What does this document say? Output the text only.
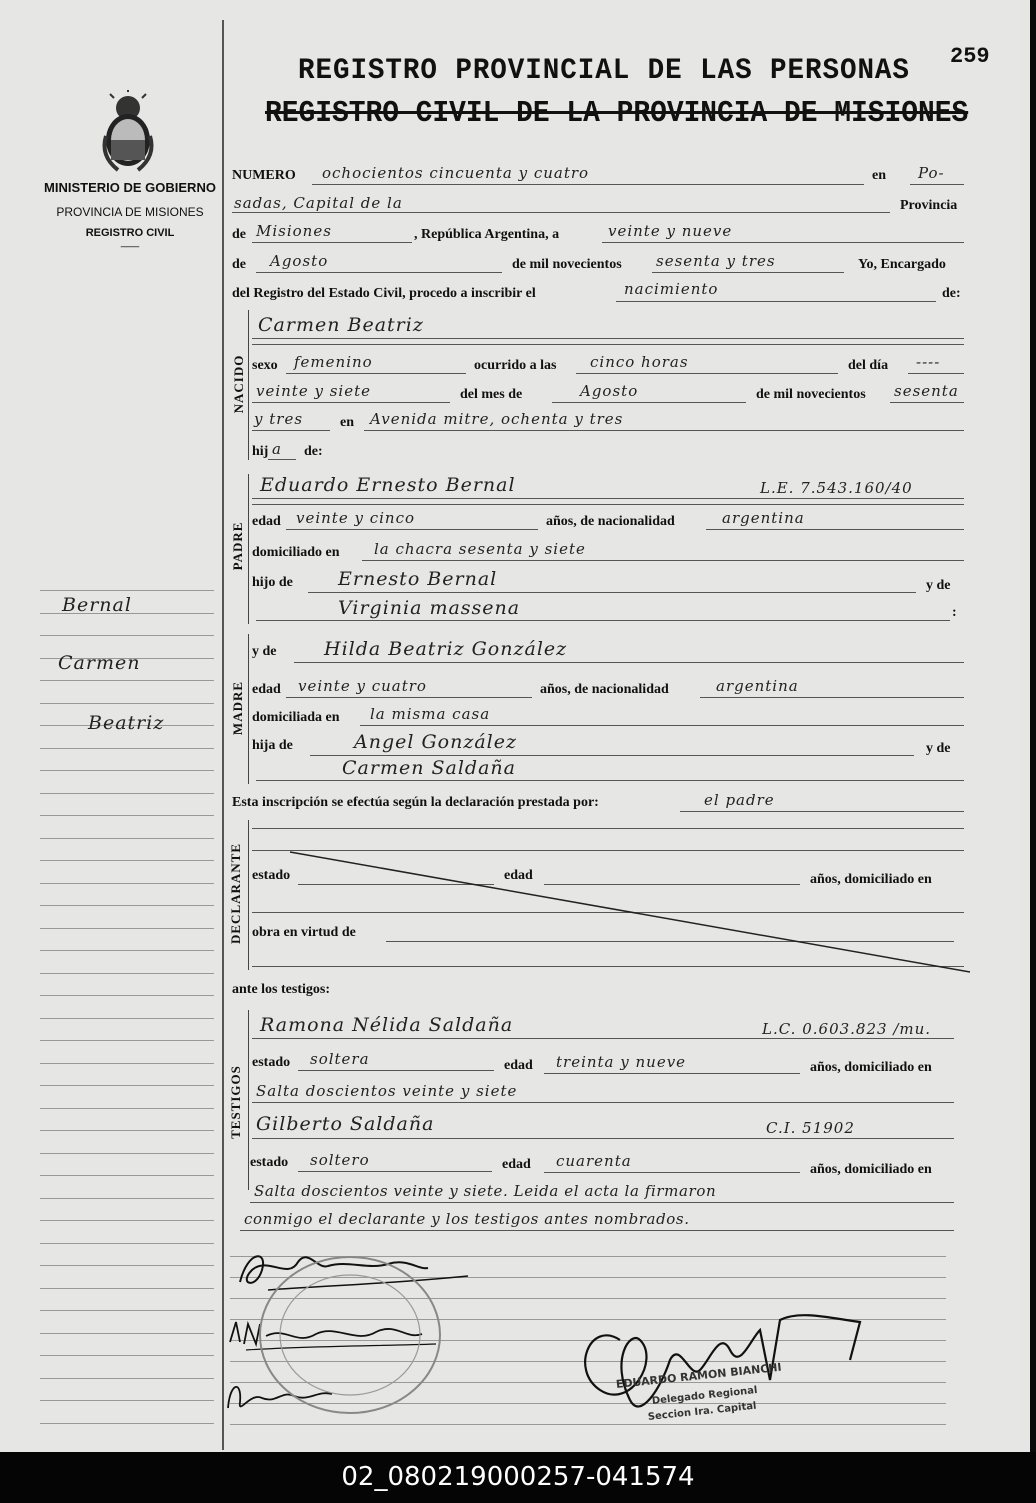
259
REGISTRO PROVINCIAL DE LAS PERSONAS
REGISTRO CIVIL DE LA PROVINCIA DE MISIONES
MINISTERIO DE GOBIERNO
PROVINCIA DE MISIONES
REGISTRO CIVIL
___
Bernal
Carmen
Beatriz
NUMERO ochocientos cincuenta y cuatro	en Po-
sadas, Capital de la	Provincia
de Misiones	, República Argentina, a	veinte y nueve
de Agosto	de mil novecientos sesenta y tres	Yo, Encargado
del Registro del Estado Civil, procedo a inscribir el	nacimiento	de:
NACIDO
Carmen Beatriz
sexo femenino	ocurrido a las cinco horas	del día ----
veinte y siete	del mes de	Agosto	de mil novecientos sesenta
y tres	en Avenida mitre, ochenta y tres
hij a de:
PADRE
Eduardo Ernesto Bernal	L.E. 7.543.160/40
edad veinte y cinco	años, de nacionalidad	argentina
domiciliado en la chacra sesenta y siete
hijo de Ernesto Bernal	y de
Virginia massena	:
MADRE
y de	Hilda Beatriz González
edad veinte y cuatro	años, de nacionalidad	argentina
domiciliada en la misma casa
hija de	Angel González	y de
Carmen Saldaña
Esta inscripción se efectúa según la declaración prestada por:	el padre
DECLARANTE estado	edad	años, domiciliado en
obra en virtud de
ante los testigos:
TESTIGOS
Ramona Nélida Saldaña	L.C. 0.603.823 /mu.
estado soltera	edad treinta y nueve	años, domiciliado en
Salta doscientos veinte y siete
Gilberto Saldaña	C.I. 51902
estado soltero	edad cuarenta	años, domiciliado en
Salta doscientos veinte y siete. Leida el acta la firmaron
conmigo el declarante y los testigos antes nombrados.
EDUARDO RAMON BIANCHI
Delegado Regional
Seccion Ira. Capital
02_080219000257-041574
